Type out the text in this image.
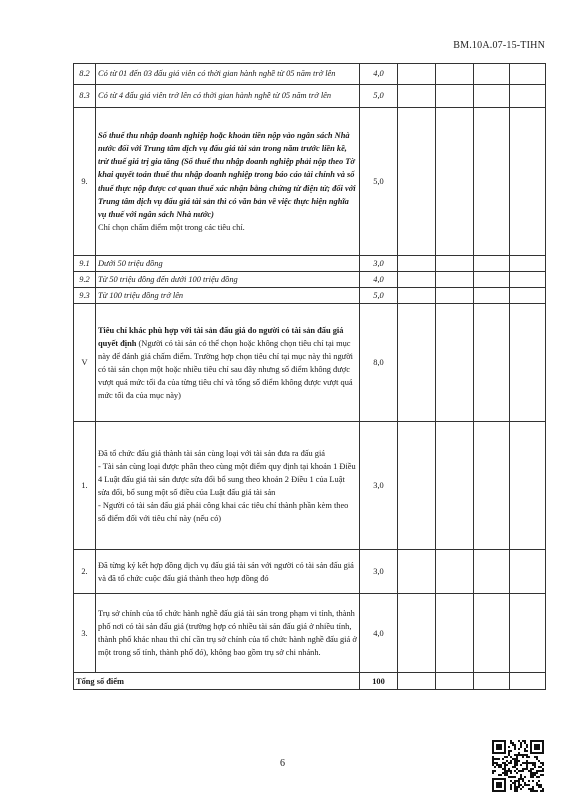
BM.10A.07-15-TIHN
8.2	Có từ 01 đến 03 đấu giá viên có thời gian hành nghề từ 05 năm trở lên	4,0				
8.3	Có từ 4 đấu giá viên trở lên có thời gian hành nghề từ 05 năm trở lên	5,0				
9.	Số thuế thu nhập doanh nghiệp hoặc khoản tiền nộp vào ngân sách Nhà nước đối với Trung tâm dịch vụ đấu giá tài sản trong năm trước liền kề, trừ thuế giá trị gia tăng (Số thuế thu nhập doanh nghiệp phải nộp theo Tờ khai quyết toán thuế thu nhập doanh nghiệp trong báo cáo tài chính và số thuế thực nộp được cơ quan thuế xác nhận bằng chứng từ điện tử; đối với Trung tâm dịch vụ đấu giá tài sản thì có văn bản về việc thực hiện nghĩa vụ thuế với ngân sách Nhà nước)

Chỉ chọn chấm điểm một trong các tiêu chí.	5,0				
9.1	Dưới 50 triệu đồng	3,0				
9.2	Từ 50 triệu đồng đến dưới 100 triệu đồng	4,0				
9.3	Từ 100 triệu đồng trở lên	5,0				
V	Tiêu chí khác phù hợp với tài sản đấu giá do người có tài sản đấu giá quyết định (Người có tài sản có thể chọn hoặc không chọn tiêu chí tại mục này để đánh giá chấm điểm. Trường hợp chọn tiêu chí tại mục này thì người có tài sản chọn một hoặc nhiều tiêu chí sau đây nhưng số điểm không được vượt quá mức tối đa của từng tiêu chí và tổng số điểm không được vượt quá mức tối đa của mục này)	8,0				
1.	Đã tổ chức đấu giá thành tài sản cùng loại với tài sản đưa ra đấu giá

- Tài sản cùng loại được phân theo cùng một điểm quy định tại khoản 1 Điều 4 Luật đấu giá tài sản được sửa đổi bổ sung theo khoản 2 Điều 1 của Luật sửa đổi, bổ sung một số điều của Luật đấu giá tài sản

- Người có tài sản đấu giá phải công khai các tiêu chí thành phần kèm theo số điểm đối với tiêu chí này (nếu có)	3,0				
2.	Đã từng ký kết hợp đồng dịch vụ đấu giá tài sản với người có tài sản đấu giá và đã tổ chức cuộc đấu giá thành theo hợp đồng đó	3,0				
3.	Trụ sở chính của tổ chức hành nghề đấu giá tài sản trong phạm vi tỉnh, thành phố nơi có tài sản đấu giá (trường hợp có nhiều tài sản đấu giá ở nhiều tỉnh, thành phố khác nhau thì chỉ cần trụ sở chính của tổ chức hành nghề đấu giá ở một trong số tỉnh, thành phố đó), không bao gồm trụ sở chi nhánh.	4,0				
Tổng số điểm		100				
6
